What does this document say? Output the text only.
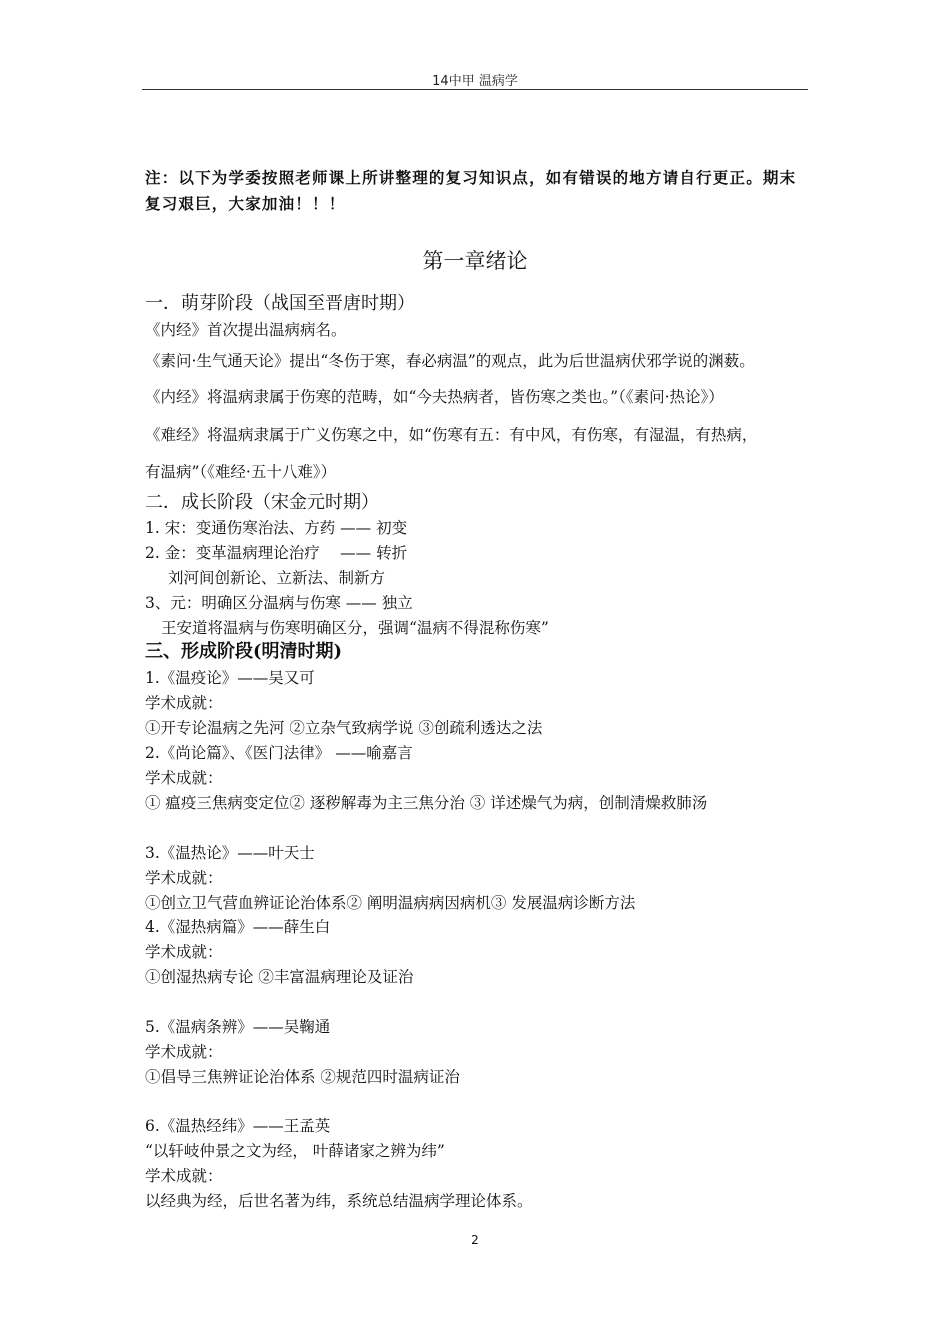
14中甲 温病学
注：以下为学委按照老师课上所讲整理的复习知识点，如有错误的地方请自行更正。期末复习艰巨，大家加油！！！
第一章绪论
一．萌芽阶段（战国至晋唐时期）
《内经》首次提出温病病名。
《素问·生气通天论》提出“冬伤于寒，春必病温”的观点，此为后世温病伏邪学说的渊薮。
《内经》将温病隶属于伤寒的范畴，如“今夫热病者，皆伤寒之类也。”（《素问·热论》）
《难经》将温病隶属于广义伤寒之中，如“伤寒有五：有中风，有伤寒，有湿温，有热病，
有温病”（《难经·五十八难》）
二．成长阶段（宋金元时期）
1. 宋：变通伤寒治法、方药 —— 初变
2. 金：变革温病理论治疗　 —— 转折
刘河间创新论、立新法、制新方
3、元：明确区分温病与伤寒 —— 独立
王安道将温病与伤寒明确区分，强调“温病不得混称伤寒”
三、形成阶段(明清时期)
1.《温疫论》——吴又可
学术成就：
①开专论温病之先河 ②立杂气致病学说 ③创疏利透达之法
2.《尚论篇》、《医门法律》 ——喻嘉言
学术成就：
① 瘟疫三焦病变定位② 逐秽解毒为主三焦分治 ③ 详述燥气为病，创制清燥救肺汤
3.《温热论》——叶天士
学术成就：
①创立卫气营血辨证论治体系② 阐明温病病因病机③ 发展温病诊断方法
4.《湿热病篇》——薛生白
学术成就：
①创湿热病专论 ②丰富温病理论及证治
5.《温病条辨》——吴鞠通
学术成就：
①倡导三焦辨证论治体系 ②规范四时温病证治
6.《温热经纬》——王孟英
“以轩岐仲景之文为经， 叶薛诸家之辨为纬”
学术成就：
以经典为经，后世名著为纬，系统总结温病学理论体系。
2
